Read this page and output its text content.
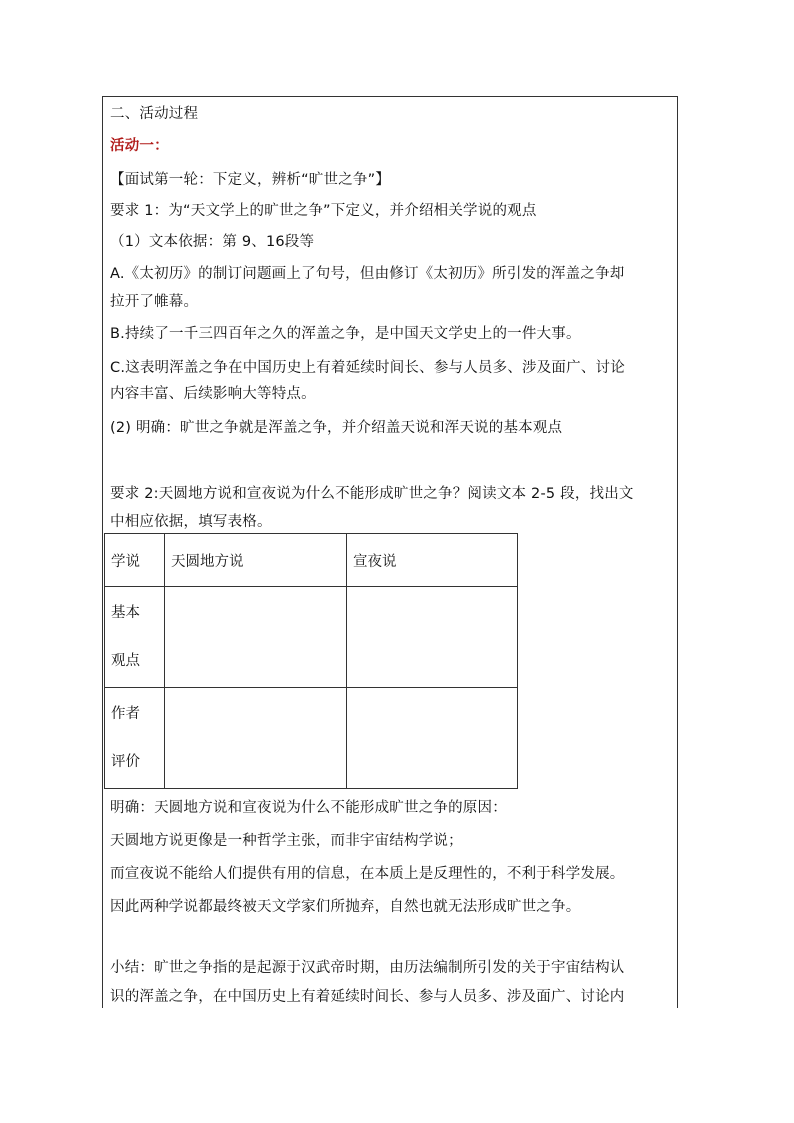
二、活动过程
活动一：
【面试第一轮：下定义，辨析“旷世之争”】
要求 1：为“天文学上的旷世之争”下定义，并介绍相关学说的观点
（1）文本依据：第 9、16段等
A.《太初历》的制订问题画上了句号，但由修订《太初历》所引发的浑盖之争却
拉开了帷幕。
B.持续了一千三四百年之久的浑盖之争，是中国天文学史上的一件大事。
C.这表明浑盖之争在中国历史上有着延续时间长、参与人员多、涉及面广、讨论
内容丰富、后续影响大等特点。
(2) 明确：旷世之争就是浑盖之争，并介绍盖天说和浑天说的基本观点
要求 2:天圆地方说和宣夜说为什么不能形成旷世之争？阅读文本 2-5 段，找出文
中相应依据，填写表格。
学说	天圆地方说	宣夜说

基本
观点		

作者
评价		

明确：天圆地方说和宣夜说为什么不能形成旷世之争的原因：
天圆地方说更像是一种哲学主张，而非宇宙结构学说；
而宣夜说不能给人们提供有用的信息，在本质上是反理性的，不利于科学发展。
因此两种学说都最终被天文学家们所抛弃，自然也就无法形成旷世之争。
小结：旷世之争指的是起源于汉武帝时期，由历法编制所引发的关于宇宙结构认
识的浑盖之争，在中国历史上有着延续时间长、参与人员多、涉及面广、讨论内
